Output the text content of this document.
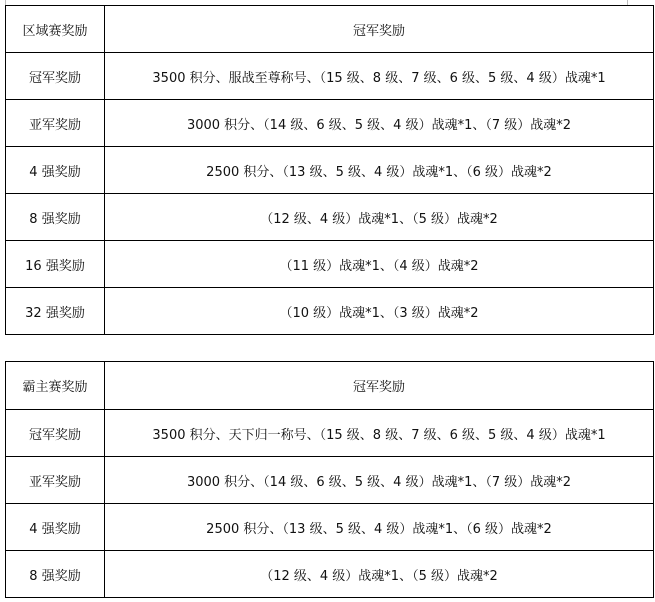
区域赛奖励	冠军奖励
冠军奖励	3500 积分、服战至尊称号、（15 级、8 级、7 级、6 级、5 级、4 级）战魂*1
亚军奖励	3000 积分、（14 级、6 级、5 级、4 级）战魂*1、（7 级）战魂*2
4 强奖励	2500 积分、（13 级、5 级、4 级）战魂*1、（6 级）战魂*2
8 强奖励	（12 级、4 级）战魂*1、（5 级）战魂*2
16 强奖励	（11 级）战魂*1、（4 级）战魂*2
32 强奖励	（10 级）战魂*1、（3 级）战魂*2
霸主赛奖励	冠军奖励
冠军奖励	3500 积分、天下归一称号、（15 级、8 级、7 级、6 级、5 级、4 级）战魂*1
亚军奖励	3000 积分、（14 级、6 级、5 级、4 级）战魂*1、（7 级）战魂*2
4 强奖励	2500 积分、（13 级、5 级、4 级）战魂*1、（6 级）战魂*2
8 强奖励	（12 级、4 级）战魂*1、（5 级）战魂*2
